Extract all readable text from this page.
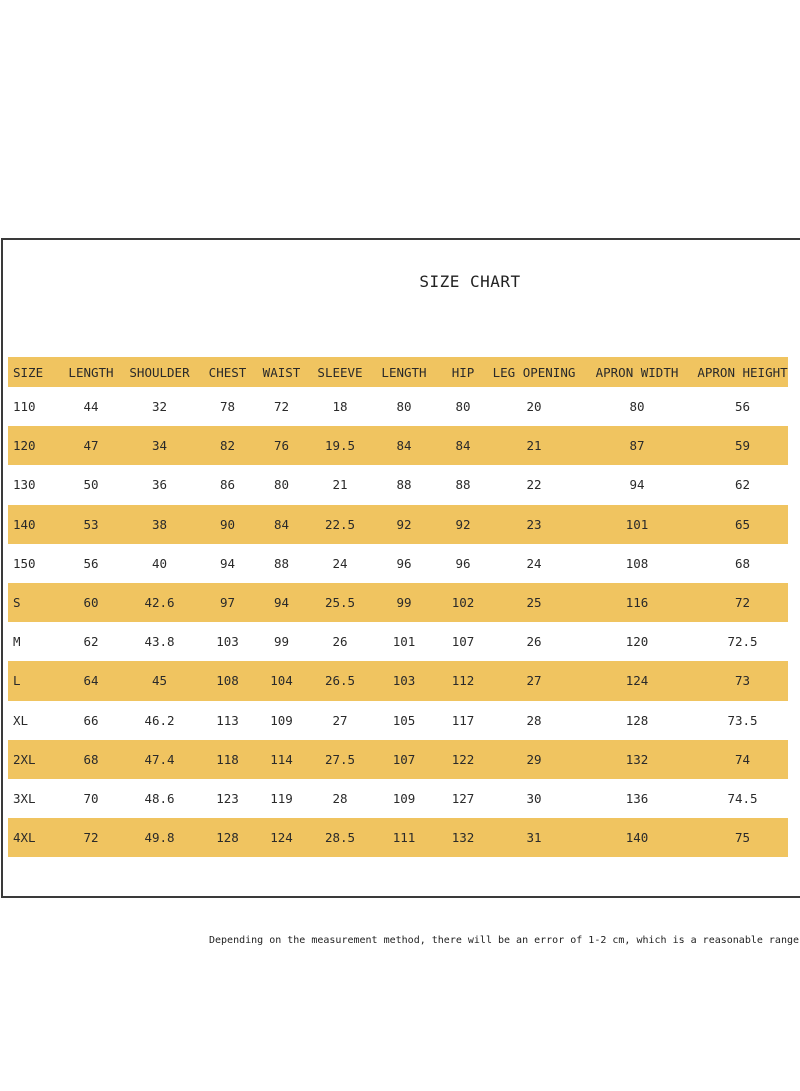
SIZE CHART
SIZE	LENGTH	SHOULDER	CHEST	WAIST	SLEEVE	LENGTH	HIP	LEG OPENING	APRON WIDTH	APRON HEIGHT
110	44	32	78	72	18	80	80	20	80	56
120	47	34	82	76	19.5	84	84	21	87	59
130	50	36	86	80	21	88	88	22	94	62
140	53	38	90	84	22.5	92	92	23	101	65
150	56	40	94	88	24	96	96	24	108	68
S	60	42.6	97	94	25.5	99	102	25	116	72
M	62	43.8	103	99	26	101	107	26	120	72.5
L	64	45	108	104	26.5	103	112	27	124	73
XL	66	46.2	113	109	27	105	117	28	128	73.5
2XL	68	47.4	118	114	27.5	107	122	29	132	74
3XL	70	48.6	123	119	28	109	127	30	136	74.5
4XL	72	49.8	128	124	28.5	111	132	31	140	75
Depending on the measurement method, there will be an error of 1-2 cm, which is a reasonable range
